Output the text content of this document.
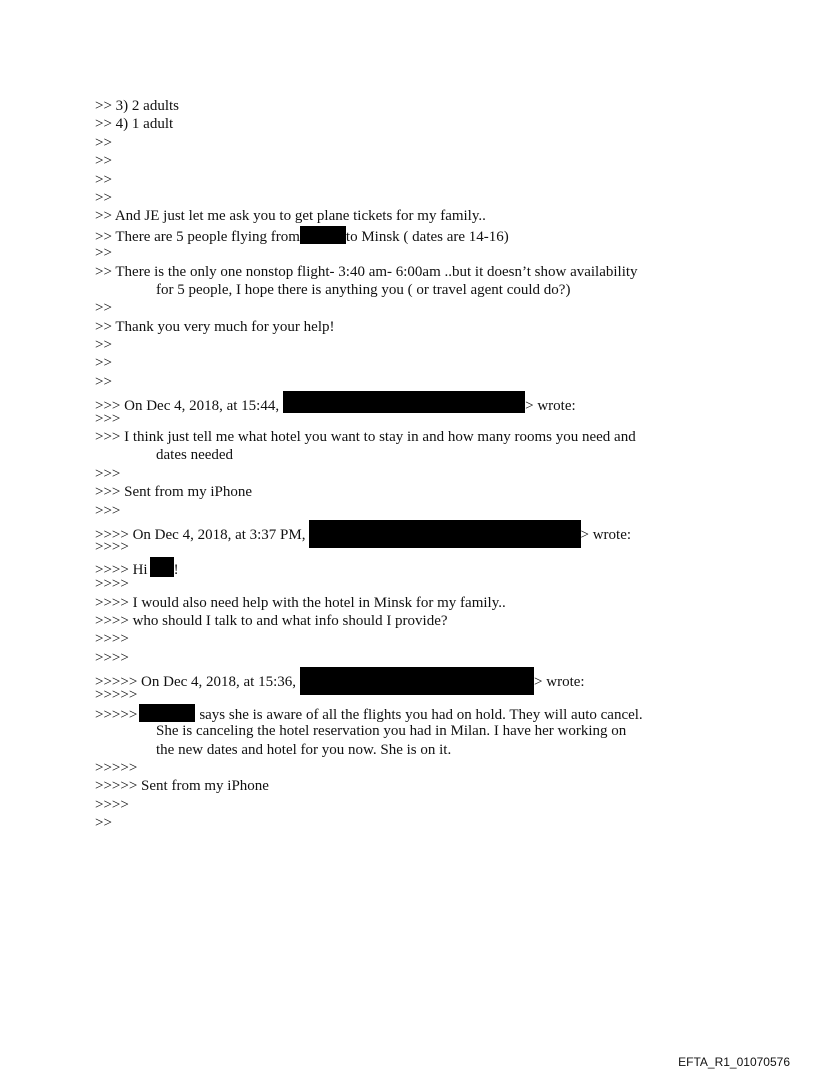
>> 3) 2 adults
>> 4) 1 adult
>>
>>
>>
>>
>> And JE just let me ask you to get plane tickets for my family..
>> There are 5 people flying from	to Minsk ( dates are 14-16)
>>
>> There is the only one nonstop flight- 3:40 am- 6:00am ..but it doesn’t show availability
for 5 people, I hope there is anything you ( or travel agent could do?)
>>
>> Thank you very much for your help!
>>
>>
>>
>>> On Dec 4, 2018, at 15:44,	> wrote:
>>>
>>> I think just tell me what hotel you want to stay in and how many rooms you need and
dates needed
>>>
>>> Sent from my iPhone
>>>
>>>> On Dec 4, 2018, at 3:37 PM,	> wrote:
>>>>
>>>> Hi !
>>>>
>>>> I would also need help with the hotel in Minsk for my family..
>>>> who should I talk to and what info should I provide?
>>>>
>>>>
>>>>> On Dec 4, 2018, at 15:36,	> wrote:
>>>>>
>>>>>	says she is aware of all the flights you had on hold. They will auto cancel.
She is canceling the hotel reservation you had in Milan. I have her working on
the new dates and hotel for you now. She is on it.
>>>>>
>>>>> Sent from my iPhone
>>>>
>>
EFTA_R1_01070576
